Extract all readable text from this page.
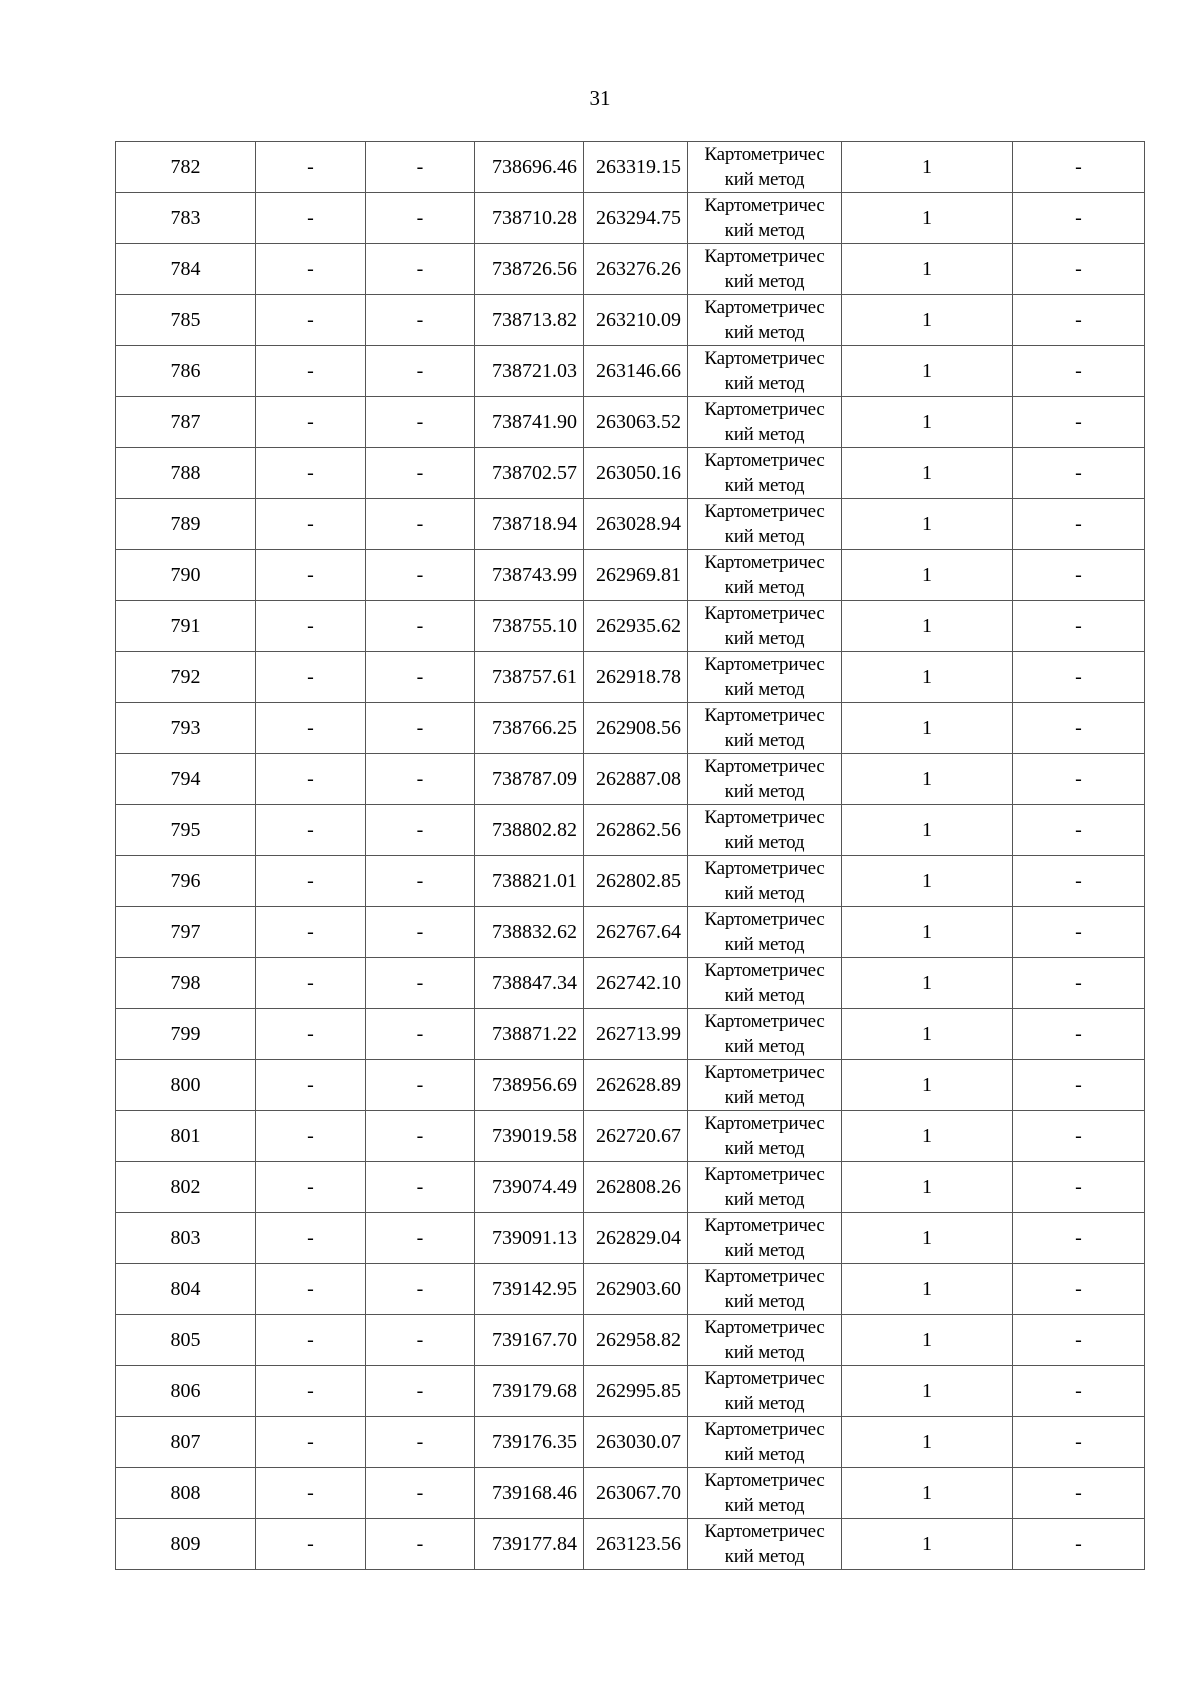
31
782	-	-	738696.46	263319.15	Картометричес
кий метод	1	-
783	-	-	738710.28	263294.75	Картометричес
кий метод	1	-
784	-	-	738726.56	263276.26	Картометричес
кий метод	1	-
785	-	-	738713.82	263210.09	Картометричес
кий метод	1	-
786	-	-	738721.03	263146.66	Картометричес
кий метод	1	-
787	-	-	738741.90	263063.52	Картометричес
кий метод	1	-
788	-	-	738702.57	263050.16	Картометричес
кий метод	1	-
789	-	-	738718.94	263028.94	Картометричес
кий метод	1	-
790	-	-	738743.99	262969.81	Картометричес
кий метод	1	-
791	-	-	738755.10	262935.62	Картометричес
кий метод	1	-
792	-	-	738757.61	262918.78	Картометричес
кий метод	1	-
793	-	-	738766.25	262908.56	Картометричес
кий метод	1	-
794	-	-	738787.09	262887.08	Картометричес
кий метод	1	-
795	-	-	738802.82	262862.56	Картометричес
кий метод	1	-
796	-	-	738821.01	262802.85	Картометричес
кий метод	1	-
797	-	-	738832.62	262767.64	Картометричес
кий метод	1	-
798	-	-	738847.34	262742.10	Картометричес
кий метод	1	-
799	-	-	738871.22	262713.99	Картометричес
кий метод	1	-
800	-	-	738956.69	262628.89	Картометричес
кий метод	1	-
801	-	-	739019.58	262720.67	Картометричес
кий метод	1	-
802	-	-	739074.49	262808.26	Картометричес
кий метод	1	-
803	-	-	739091.13	262829.04	Картометричес
кий метод	1	-
804	-	-	739142.95	262903.60	Картометричес
кий метод	1	-
805	-	-	739167.70	262958.82	Картометричес
кий метод	1	-
806	-	-	739179.68	262995.85	Картометричес
кий метод	1	-
807	-	-	739176.35	263030.07	Картометричес
кий метод	1	-
808	-	-	739168.46	263067.70	Картометричес
кий метод	1	-
809	-	-	739177.84	263123.56	Картометричес
кий метод	1	-
